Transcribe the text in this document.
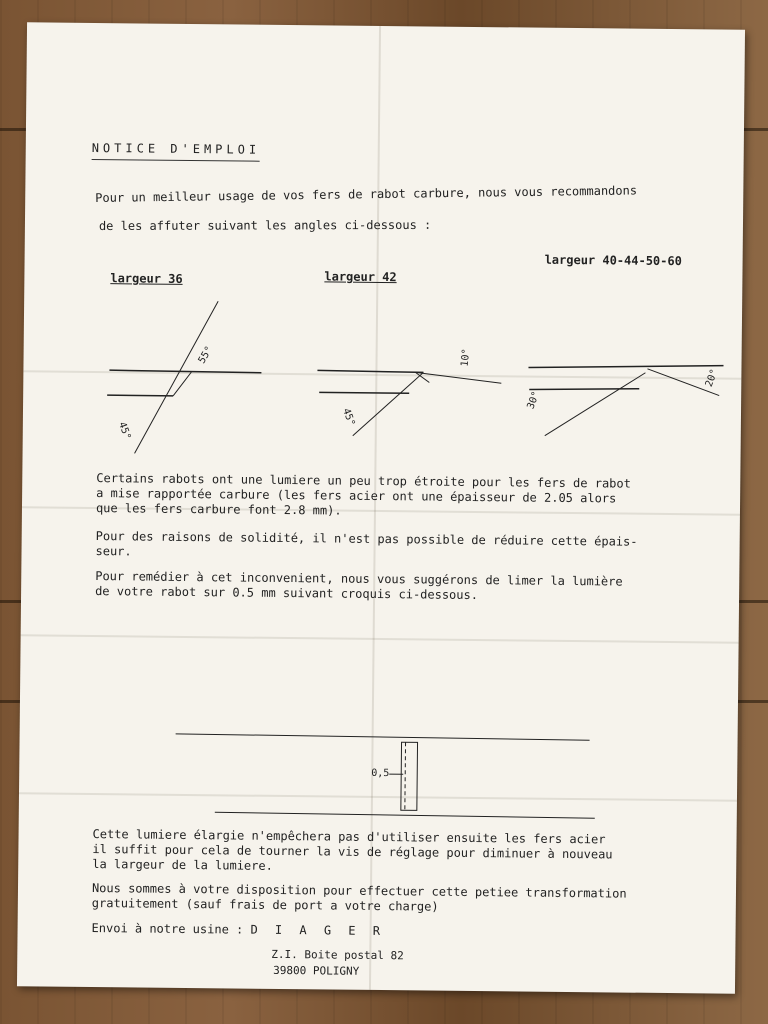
NOTICE D'EMPLOI
Pour un meilleur usage de vos fers de rabot carbure, nous vous recommandons
de les affuter suivant les angles ci-dessous :
largeur 36	largeur 42
largeur 40-44-50-60
55°
45°
10°
45°
30°
20°
0,5
Certains rabots ont une lumiere un peu trop étroite pour les fers de rabot
a mise rapportée carbure (les fers acier ont une épaisseur de 2.05 alors
que les fers carbure font 2.8 mm).
Pour des raisons de solidité, il n'est pas possible de réduire cette épais-
seur.
Pour remédier à cet inconvenient, nous vous suggérons de limer la lumière
de votre rabot sur 0.5 mm suivant croquis ci-dessous.
Cette lumiere élargie n'empêchera pas d'utiliser ensuite les fers acier
il suffit pour cela de tourner la vis de réglage pour diminuer à nouveau
la largeur de la lumiere.
Nous sommes à votre disposition pour effectuer cette petiee transformation
gratuitement (sauf frais de port a votre charge)
Envoi à notre usine : D I A G E R
Z.I. Boite postal 82
39800 POLIGNY
